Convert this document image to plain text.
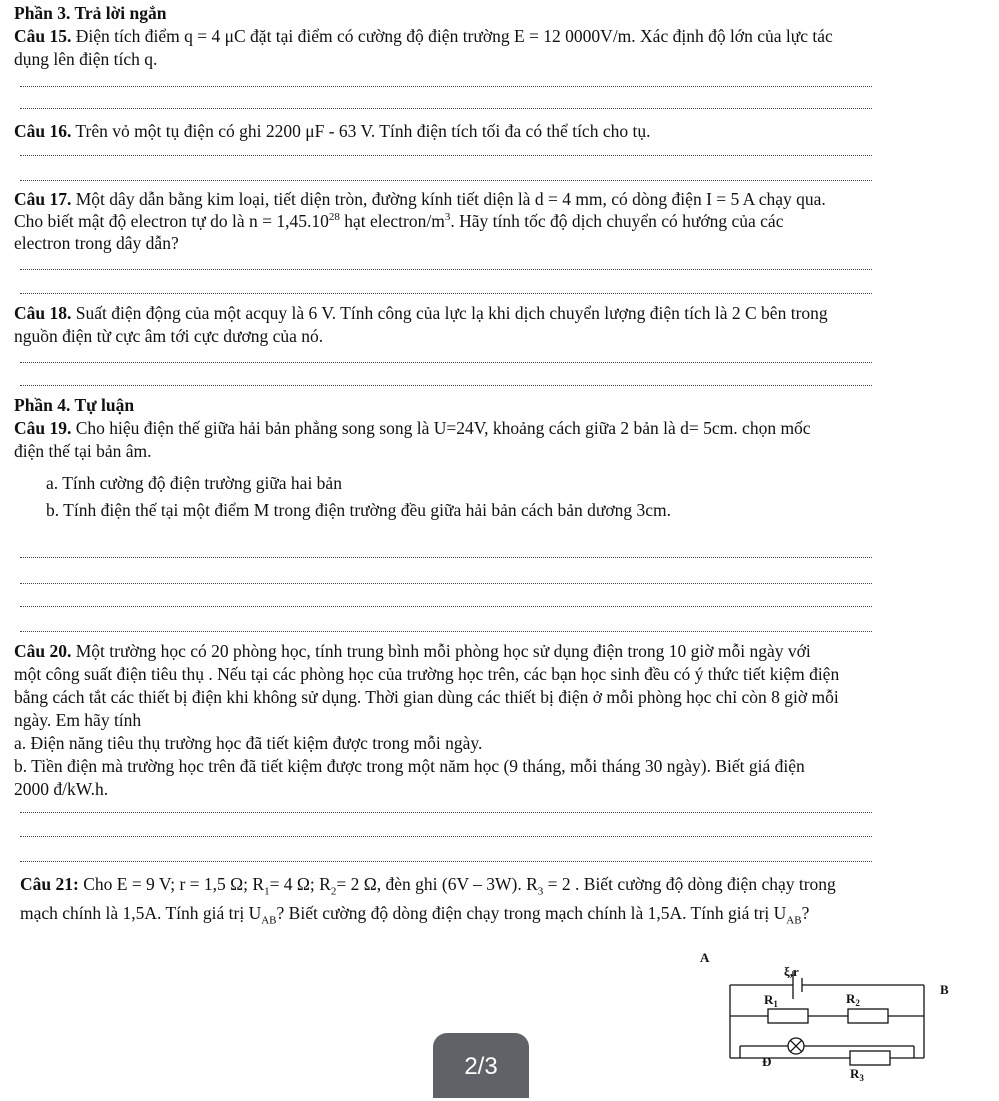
Phần 3. Trả lời ngắn
Câu 15. Điện tích điểm q = 4 μC đặt tại điểm có cường độ điện trường E = 12 0000V/m. Xác định độ lớn của lực tác
dụng lên điện tích q.
Câu 16. Trên vỏ một tụ điện có ghi 2200 μF - 63 V. Tính điện tích tối đa có thể tích cho tụ.
Câu 17. Một dây dẫn bằng kim loại, tiết diện tròn, đường kính tiết diện là d = 4 mm, có dòng điện I = 5 A chạy qua.
Cho biết mật độ electron tự do là $n = 1,45.10^{28}$ hạt electron/$m^3$. Hãy tính tốc độ dịch chuyển có hướng của các
electron trong dây dẫn?
Câu 18. Suất điện động của một acquy là 6 V. Tính công của lực lạ khi dịch chuyển lượng điện tích là 2 C bên trong
nguồn điện từ cực âm tới cực dương của nó.
Phần 4. Tự luận
Câu 19. Cho hiệu điện thế giữa hải bản phẳng song song là U=24V, khoảng cách giữa 2 bản là d= 5cm. chọn mốc
điện thế tại bản âm.
a. Tính cường độ điện trường giữa hai bản
b. Tính điện thế tại một điểm M trong điện trường đều giữa hải bản cách bản dương 3cm.
Câu 20. Một trường học có 20 phòng học, tính trung bình mỗi phòng học sử dụng điện trong 10 giờ mỗi ngày với
một công suất điện tiêu thụ . Nếu tại các phòng học của trường học trên, các bạn học sinh đều có ý thức tiết kiệm điện
bằng cách tắt các thiết bị điện khi không sử dụng. Thời gian dùng các thiết bị điện ở mỗi phòng học chỉ còn 8 giờ mỗi
ngày. Em hãy tính
a. Điện năng tiêu thụ trường học đã tiết kiệm được trong mỗi ngày.
b. Tiền điện mà trường học trên đã tiết kiệm được trong một năm học (9 tháng, mỗi tháng 30 ngày). Biết giá điện
2000 đ/kW.h.
Câu 21: Cho E = 9 V; r = 1,5 Ω; $R_1= 4$ Ω; $R_2= 2$ Ω, đèn ghi (6V – 3W). $R_3 = 2$ . Biết cường độ dòng điện chạy trong
mạch chính là 1,5A. Tính giá trị $U_{AB}$? Biết cường độ dòng điện chạy trong mạch chính là 1,5A. Tính giá trị $U_{AB}$?
A
B
ξ,r
$R_1$	$R_2$
Đ
$R_3$
2/3
